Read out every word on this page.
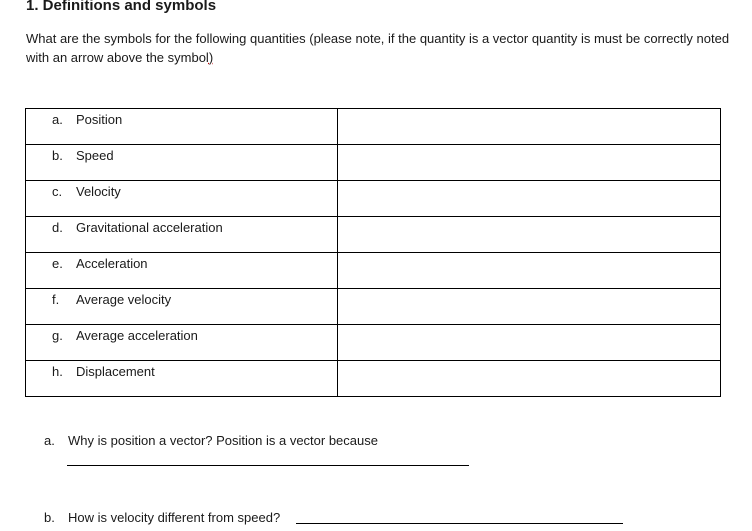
1. Definitions and symbols
What are the symbols for the following quantities (please note, if the quantity is a vector quantity is must be correctly noted with an arrow above the symbol)
a. Position	

b. Speed	

c. Velocity	

d. Gravitational acceleration	

e. Acceleration	

f. Average velocity	

g. Average acceleration	

h. Displacement	

a. Why is position a vector? Position is a vector because
b. How is velocity different from speed?
